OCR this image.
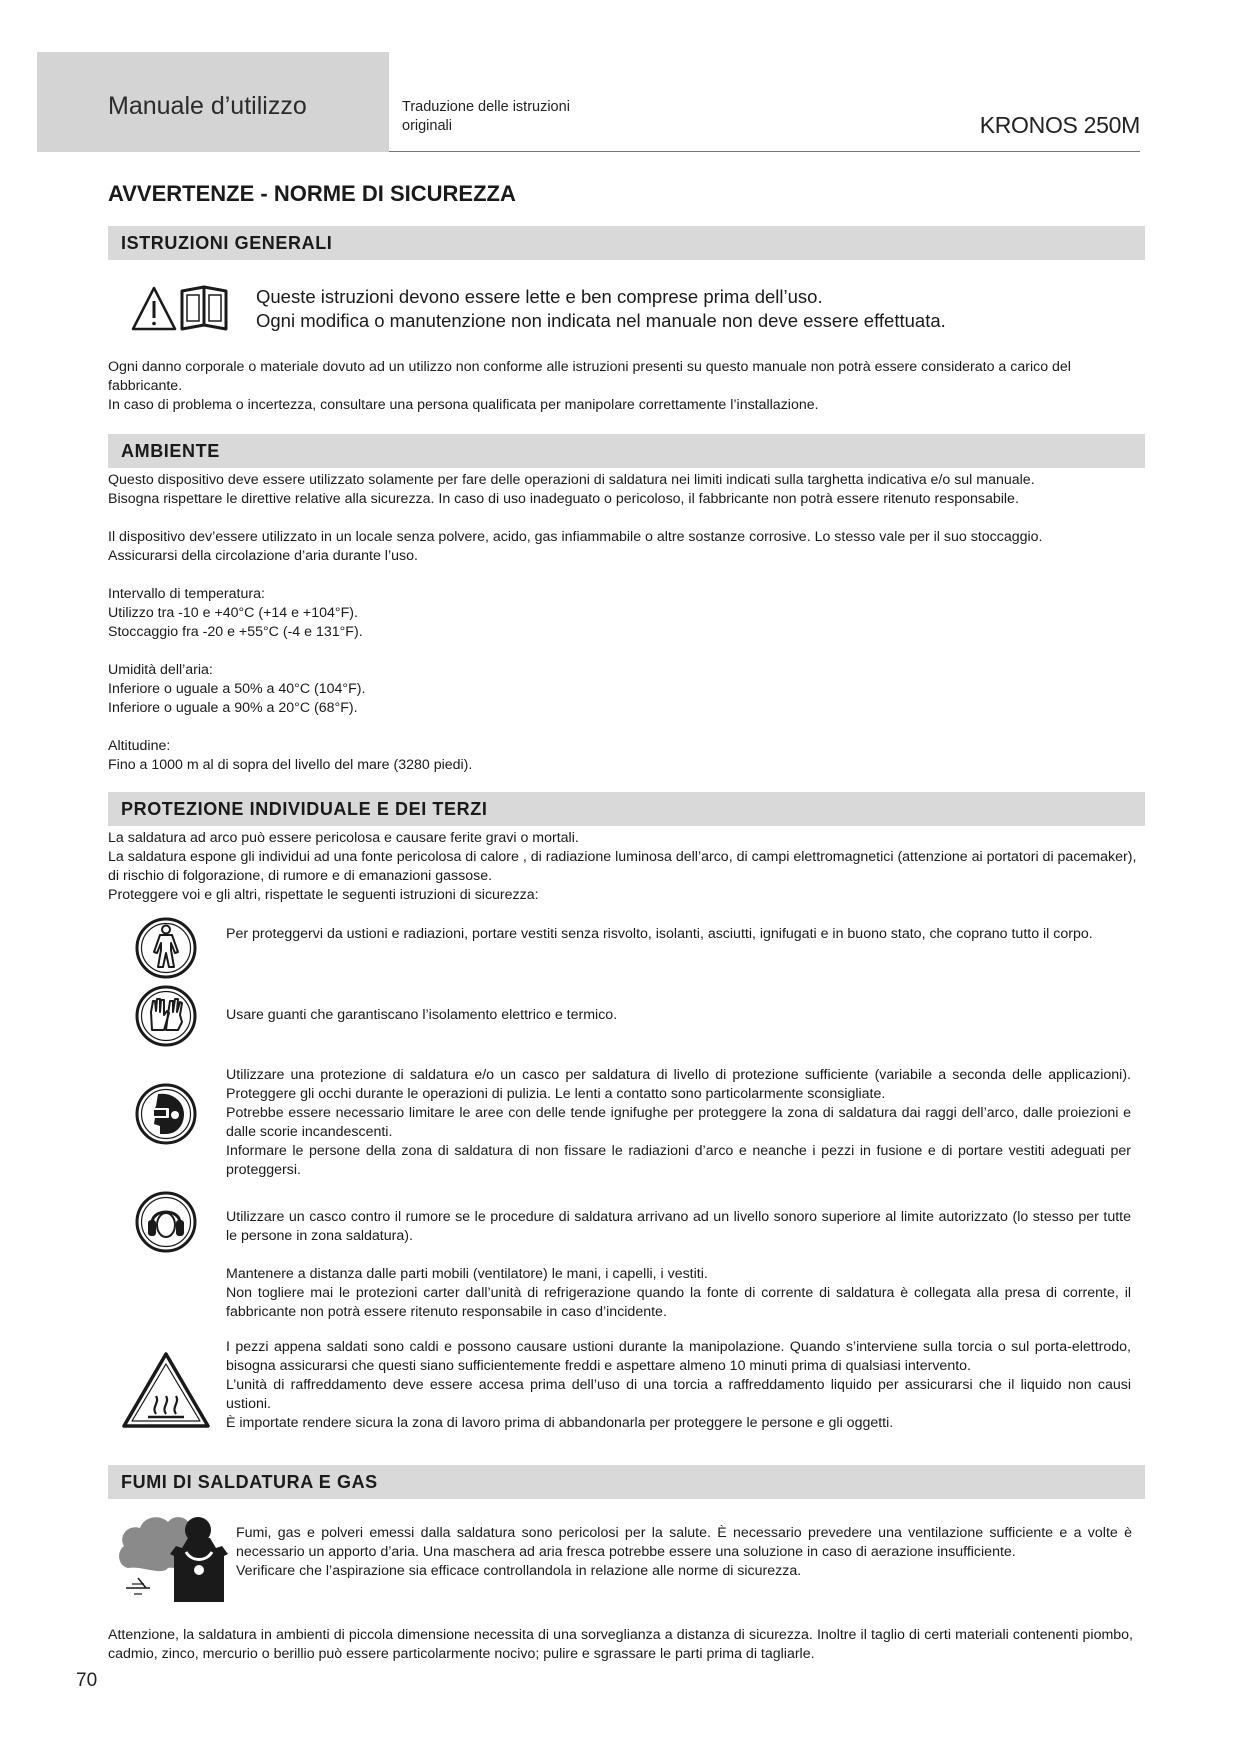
Manuale d’utilizzo	Traduzione delle istruzioni originali	KRONOS 250M
AVVERTENZE - NORME DI SICUREZZA
ISTRUZIONI GENERALI
Queste istruzioni devono essere lette e ben comprese prima dell’uso.
Ogni modifica o manutenzione non indicata nel manuale non deve essere effettuata.
Ogni danno corporale o materiale dovuto ad un utilizzo non conforme alle istruzioni presenti su questo manuale non potrà essere considerato a carico del fabbricante.
In caso di problema o incertezza, consultare una persona qualificata per manipolare correttamente l’installazione.
AMBIENTE
Questo dispositivo deve essere utilizzato solamente per fare delle operazioni di saldatura nei limiti indicati sulla targhetta indicativa e/o sul manuale.
Bisogna rispettare le direttive relative alla sicurezza. In caso di uso inadeguato o pericoloso, il fabbricante non potrà essere ritenuto responsabile.
Il dispositivo dev’essere utilizzato in un locale senza polvere, acido, gas infiammabile o altre sostanze corrosive. Lo stesso vale per il suo stoccaggio.
Assicurarsi della circolazione d’aria durante l’uso.
Intervallo di temperatura:
Utilizzo tra -10 e +40°C (+14 e +104°F).
Stoccaggio fra -20 e +55°C (-4 e 131°F).
Umidità dell’aria:
Inferiore o uguale a 50% a 40°C (104°F).
Inferiore o uguale a 90% a 20°C (68°F).
Altitudine:
Fino a 1000 m al di sopra del livello del mare (3280 piedi).
PROTEZIONE INDIVIDUALE E DEI TERZI
La saldatura ad arco può essere pericolosa e causare ferite gravi o mortali.
La saldatura espone gli individui ad una fonte pericolosa di calore , di radiazione luminosa dell’arco, di campi elettromagnetici (attenzione ai portatori di pacemaker), di rischio di folgorazione, di rumore e di emanazioni gassose.
Proteggere voi e gli altri, rispettate le seguenti istruzioni di sicurezza:
Per proteggervi da ustioni e radiazioni, portare vestiti senza risvolto, isolanti, asciutti, ignifugati e in buono stato, che coprano tutto il corpo.
Usare guanti che garantiscano l’isolamento elettrico e termico.
Utilizzare una protezione di saldatura e/o un casco per saldatura di livello di protezione sufficiente (variabile a seconda delle applicazioni). Proteggere gli occhi durante le operazioni di pulizia. Le lenti a contatto sono particolarmente sconsigliate.
Potrebbe essere necessario limitare le aree con delle tende ignifughe per proteggere la zona di saldatura dai raggi dell’arco, dalle proiezioni e dalle scorie incandescenti.
Informare le persone della zona di saldatura di non fissare le radiazioni d’arco e neanche i pezzi in fusione e di portare vestiti adeguati per proteggersi.
Utilizzare un casco contro il rumore se le procedure di saldatura arrivano ad un livello sonoro superiore al limite autorizzato (lo stesso per tutte le persone in zona saldatura).
Mantenere a distanza dalle parti mobili (ventilatore) le mani, i capelli, i vestiti.
Non togliere mai le protezioni carter dall’unità di refrigerazione quando la fonte di corrente di saldatura è collegata alla presa di corrente, il fabbricante non potrà essere ritenuto responsabile in caso d’incidente.
I pezzi appena saldati sono caldi e possono causare ustioni durante la manipolazione. Quando s’interviene sulla torcia o sul porta-elettrodo, bisogna assicurarsi che questi siano sufficientemente freddi e aspettare almeno 10 minuti prima di qualsiasi intervento.
L’unità di raffreddamento deve essere accesa prima dell’uso di una torcia a raffreddamento liquido per assicurarsi che il liquido non causi ustioni.
È importate rendere sicura la zona di lavoro prima di abbandonarla per proteggere le persone e gli oggetti.
FUMI DI SALDATURA E GAS
Fumi, gas e polveri emessi dalla saldatura sono pericolosi per la salute. È necessario prevedere una ventilazione sufficiente e a volte è necessario un apporto d’aria. Una maschera ad aria fresca potrebbe essere una soluzione in caso di aerazione insufficiente.
Verificare che l’aspirazione sia efficace controllandola in relazione alle norme di sicurezza.
Attenzione, la saldatura in ambienti di piccola dimensione necessita di una sorveglianza a distanza di sicurezza. Inoltre il taglio di certi materiali contenenti piombo, cadmio, zinco, mercurio o berillio può essere particolarmente nocivo; pulire e sgrassare le parti prima di tagliarle.
70
